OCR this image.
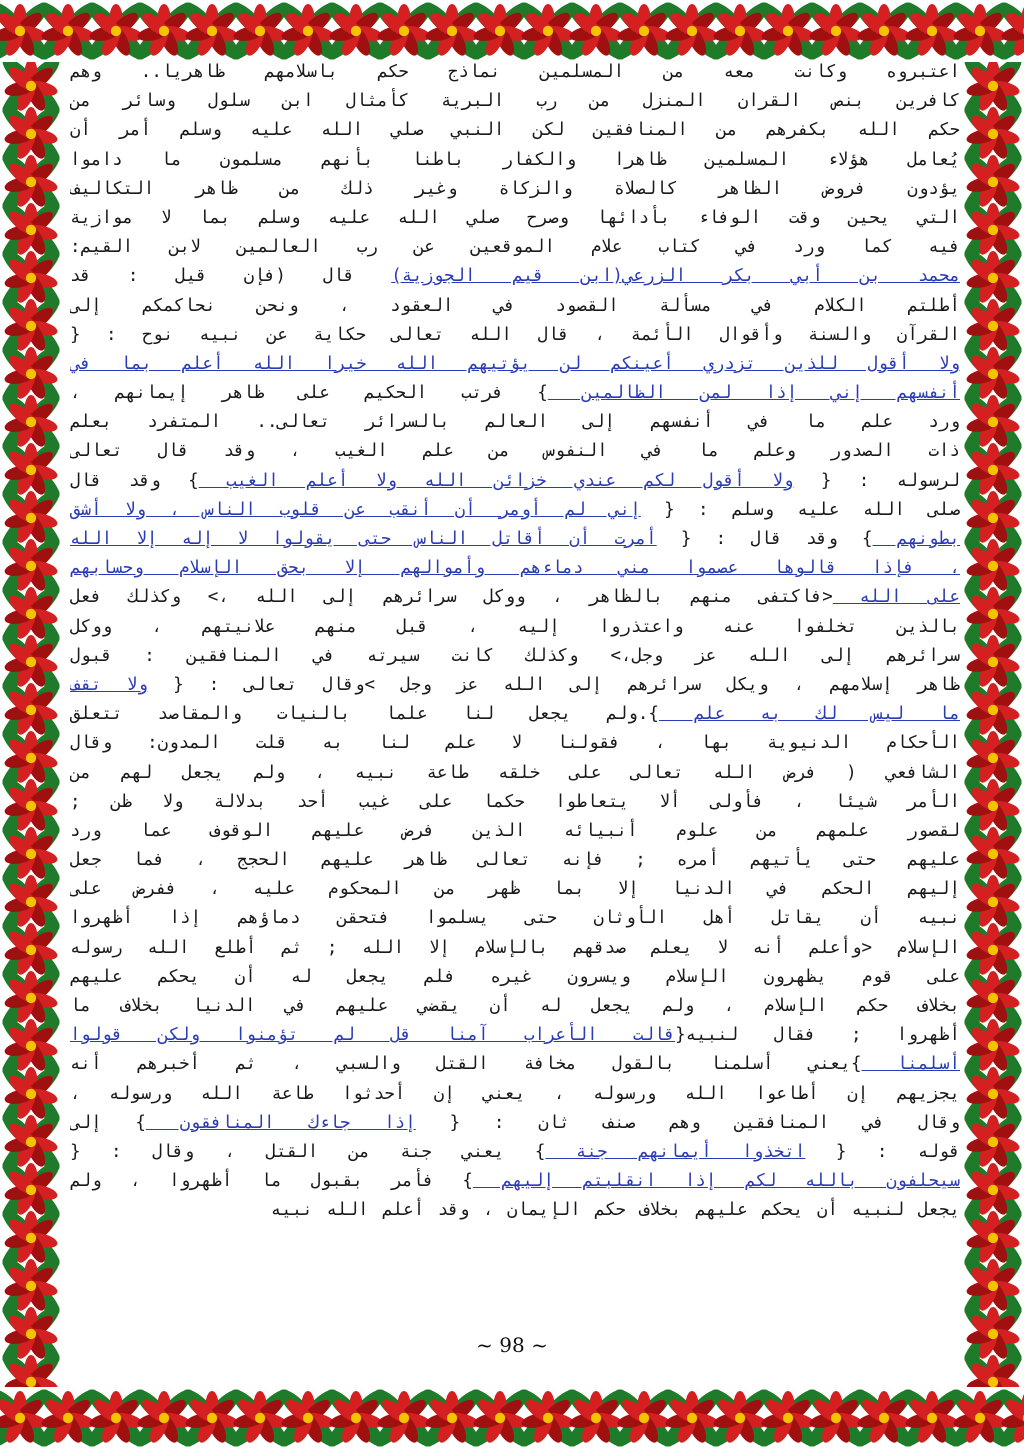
اعتبروه وكانت معه من المسلمين نماذج حكم باسلامهم ظاهريا.. وهم
كافرين بنص القران المنزل من رب البرية كأمثال ابن سلول وسائر من
حكم الله بكفرهم من المنافقين لكن النبي صلي الله عليه وسلم أمر أن
يُعامل هؤلاء المسلمين ظاهرا والكفار باطنا بأنهم مسلمون ما داموا
يؤدون فروض الظاهر كالصلاة والزكاة وغير ذلك من ظاهر التكاليف
التي يحين وقت الوفاء بأدائها وصرح صلي الله عليه وسلم بما لا موازية
فيه كما ورد في كتاب علام الموقعين عن رب العالمين لابن القيم:
محمد بن أبي بكر الزرعي(ابن قيم الجوزية) قال (فإن قيل : قد
أطلتم الكلام في مسألة القصود في العقود ، ونحن نحاكمكم إلى
القرآن والسنة وأقوال الأئمة ، قال الله تعالى حكاية عن نبيه نوح : {
ولا أقول للذين تزدري أعينكم لن يؤتيهم الله خيرا الله أعلم بما في
أنفسهم إني إذا لمن الظالمين } فرتب الحكيم على ظاهر إيمانهم ،
ورد علم ما في أنفسهم إلى العالم بالسرائر تعالى.. المتفرد بعلم
ذات الصدور وعلم ما في النفوس من علم الغيب ، وقد قال تعالى
لرسوله : { ولا أقول لكم عندي خزائن الله ولا أعلم الغيب } وقد قال
صلى الله عليه وسلم : { إني لم أومر أن أنقب عن قلوب الناس ، ولا أشق
بطونهم } وقد قال : { أمرت أن أقاتل الناس حتى يقولوا لا إله إلا الله
، فإذا قالوها عصموا مني دماءهم وأموالهم إلا بحق الإسلام وحسابهم
على الله <فاكتفى منهم بالظاهر ، ووكل سرائرهم إلى الله ،> وكذلك فعل
بالذين تخلفوا عنه واعتذروا إليه ، قبل منهم علانيتهم ، ووكل
سرائرهم إلى الله عز وجل،> وكذلك كانت سيرته في المنافقين : قبول
ظاهر إسلامهم ، ويكل سرائرهم إلى الله عز وجل >وقال تعالى : { ولا تقف
ما ليس لك به علم }.ولم يجعل لنا علما بالنيات والمقاصد تتعلق
الأحكام الدنيوية بها ، فقولنا لا علم لنا به قلت المدون: وقال
الشافعي ( فرض الله تعالى على خلقه طاعة نبيه ، ولم يجعل لهم من
الأمر شيئا ، فأولى ألا يتعاطوا حكما على غيب أحد بدلالة ولا ظن ;
لقصور علمهم من علوم أنبيائه الذين فرض عليهم الوقوف عما ورد
عليهم حتى يأتيهم أمره ; فإنه تعالى ظاهر عليهم الحجج ، فما جعل
إليهم الحكم في الدنيا إلا بما ظهر من المحكوم عليه ، ففرض على
نبيه أن يقاتل أهل الأوثان حتى يسلموا فتحقن دماؤهم إذا أظهروا
الإسلام <وأعلم أنه لا يعلم صدقهم بالإسلام إلا الله ; ثم أطلع الله رسوله
على قوم يظهرون الإسلام ويسرون غيره فلم يجعل له أن يحكم عليهم
بخلاف حكم الإسلام ، ولم يجعل له أن يقضي عليهم في الدنيا بخلاف ما
أظهروا ; فقال لنبيه{قالت الأعراب آمنا قل لم تؤمنوا ولكن قولوا
أسلمنا }يعني أسلمنا بالقول مخافة القتل والسبي ، ثم أخبرهم أنه
يجزيهم إن أطاعوا الله ورسوله ، يعني إن أحدثوا طاعة الله ورسوله ،
وقال في المنافقين وهم صنف ثان : { إذا جاءك المنافقون } إلى
قوله : { اتخذوا أيمانهم جنة } يعني جنة من القتل ، وقال : {
سيحلفون بالله لكم إذا انقلبتم إليهم } فأمر بقبول ما أظهروا ، ولم
يجعل لنبيه أن يحكم عليهم بخلاف حكم الإيمان ، وقد أعلم الله نبيه
~ 98 ~
